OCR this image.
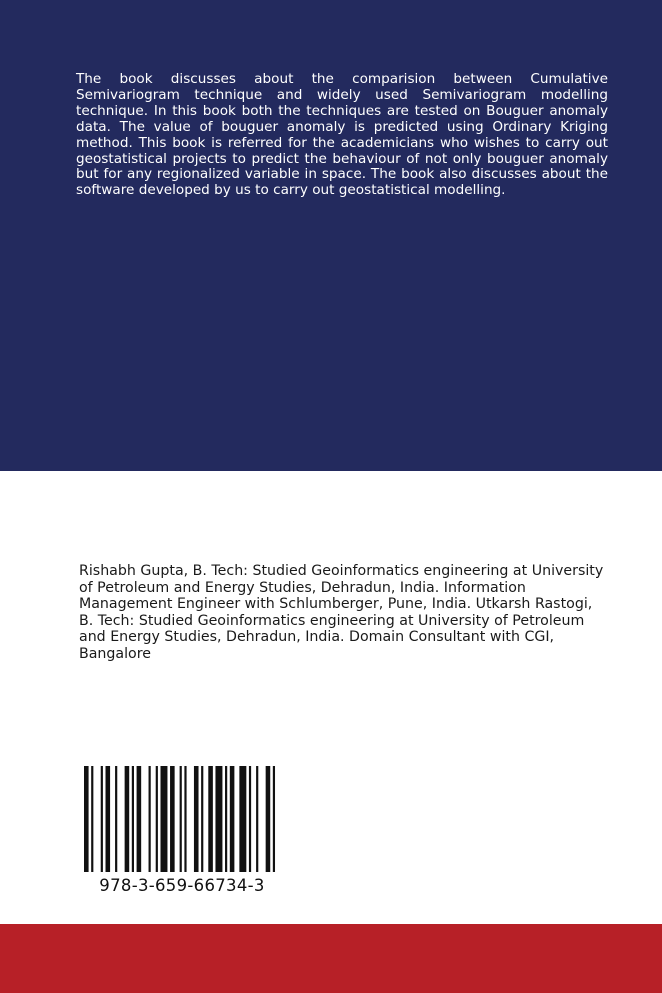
The book discusses about the comparision between Cumulative Semivariogram technique and widely used Semivariogram modelling technique. In this book both the techniques are tested on Bouguer anomaly data. The value of bouguer anomaly is predicted using Ordinary Kriging method. This book is referred for the academicians who wishes to carry out geostatistical projects to predict the behaviour of not only bouguer anomaly but for any regionalized variable in space. The book also discusses about the software developed by us to carry out geostatistical modelling.

Rishabh Gupta, B. Tech: Studied Geoinformatics engineering at University of Petroleum and Energy Studies, Dehradun, India. Information Management Engineer with Schlumberger, Pune, India. Utkarsh Rastogi, B. Tech: Studied Geoinformatics engineering at University of Petroleum and Energy Studies, Dehradun, India. Domain Consultant with CGI, Bangalore

978-3-659-66734-3
